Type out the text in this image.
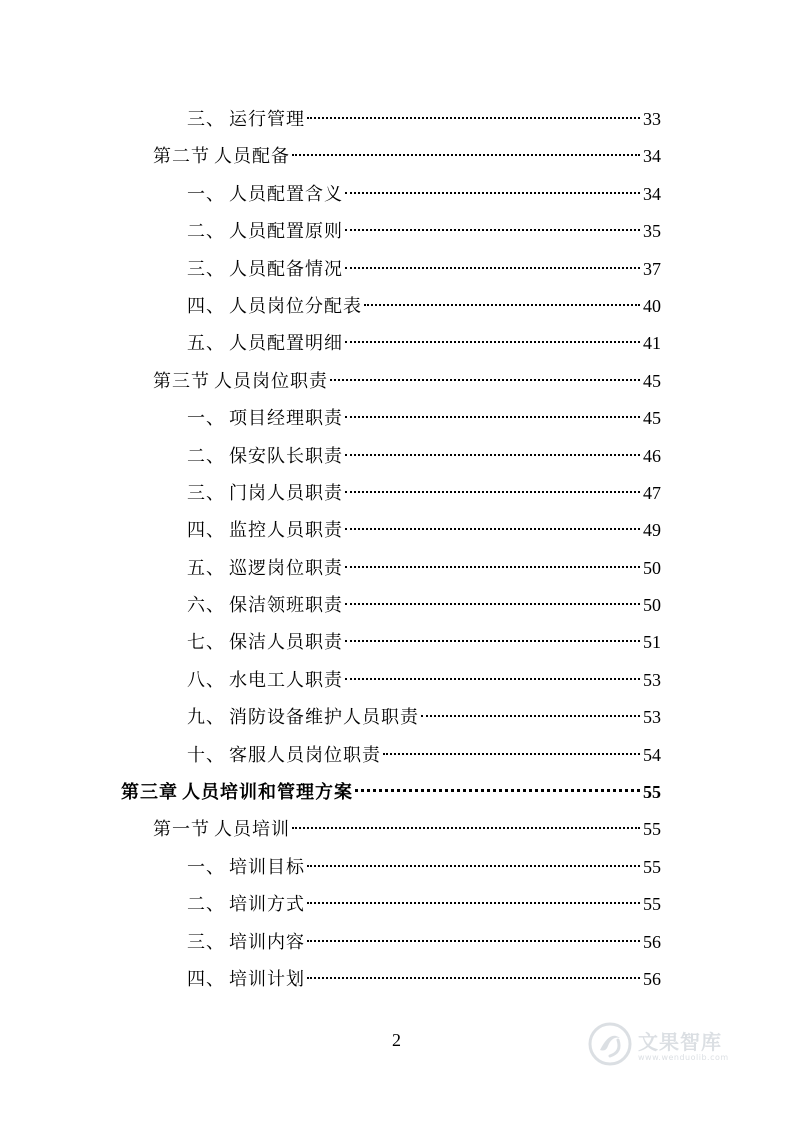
三、 运行管理	33
第二节 人员配备	34
一、 人员配置含义	34
二、 人员配置原则	35
三、 人员配备情况	37
四、 人员岗位分配表	40
五、 人员配置明细	41
第三节 人员岗位职责	45
一、 项目经理职责	45
二、 保安队长职责	46
三、 门岗人员职责	47
四、 监控人员职责	49
五、 巡逻岗位职责	50
六、 保洁领班职责	50
七、 保洁人员职责	51
八、 水电工人职责	53
九、 消防设备维护人员职责	53
十、 客服人员岗位职责	54
第三章 人员培训和管理方案	55
第一节 人员培训	55
一、 培训目标	55
二、 培训方式	55
三、 培训内容	56
四、 培训计划	56
2	文果智库
www.wenduolib.com
